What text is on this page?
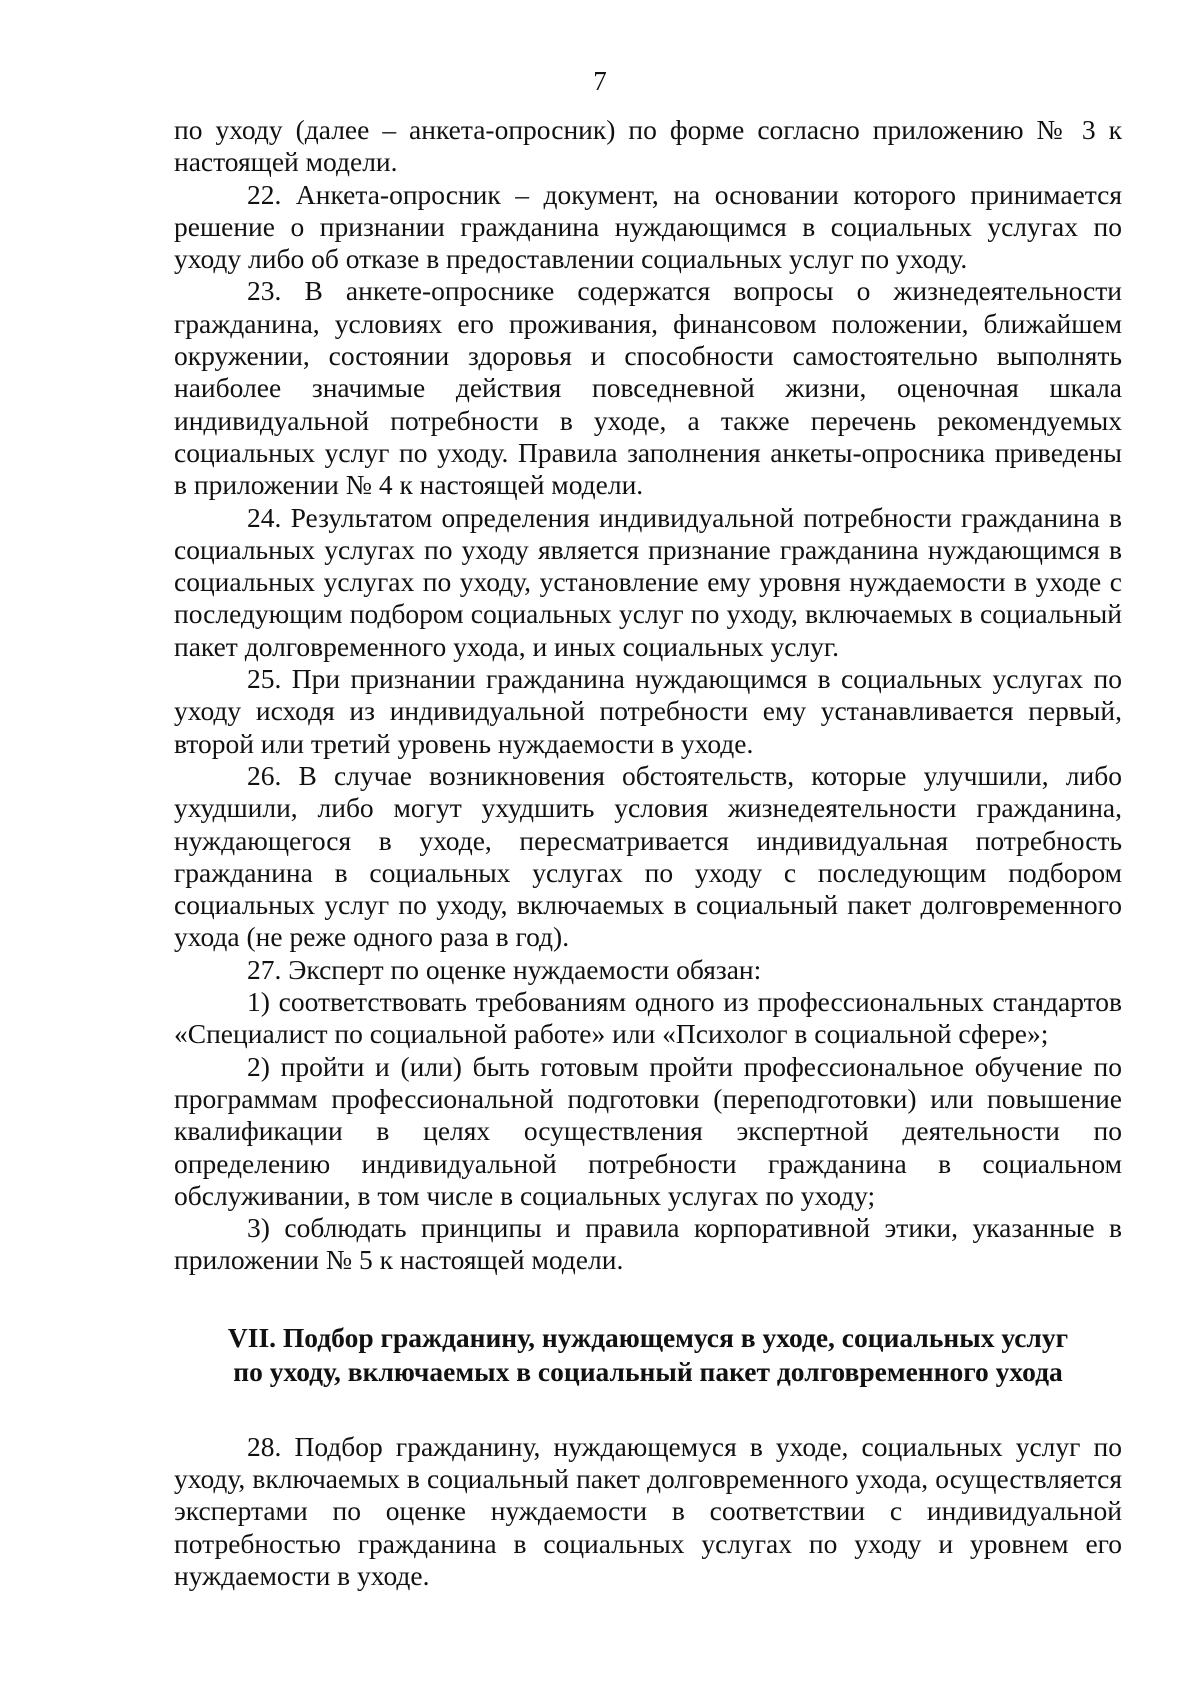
7

по уходу (далее – анкета-опросник) по форме согласно приложению № 3 к настоящей модели.

22. Анкета-опросник – документ, на основании которого принимается решение о признании гражданина нуждающимся в социальных услугах по уходу либо об отказе в предоставлении социальных услуг по уходу.

23. В анкете-опроснике содержатся вопросы о жизнедеятельности гражданина, условиях его проживания, финансовом положении, ближайшем окружении, состоянии здоровья и способности самостоятельно выполнять наиболее значимые действия повседневной жизни, оценочная шкала индивидуальной потребности в уходе, а также перечень рекомендуемых социальных услуг по уходу. Правила заполнения анкеты-опросника приведены в приложении № 4 к настоящей модели.

24. Результатом определения индивидуальной потребности гражданина в социальных услугах по уходу является признание гражданина нуждающимся в социальных услугах по уходу, установление ему уровня нуждаемости в уходе с последующим подбором социальных услуг по уходу, включаемых в социальный пакет долговременного ухода, и иных социальных услуг.

25. При признании гражданина нуждающимся в социальных услугах по уходу исходя из индивидуальной потребности ему устанавливается первый, второй или третий уровень нуждаемости в уходе.

26. В случае возникновения обстоятельств, которые улучшили, либо ухудшили, либо могут ухудшить условия жизнедеятельности гражданина, нуждающегося в уходе, пересматривается индивидуальная потребность гражданина в социальных услугах по уходу с последующим подбором социальных услуг по уходу, включаемых в социальный пакет долговременного ухода (не реже одного раза в год).

27. Эксперт по оценке нуждаемости обязан:

1) соответствовать требованиям одного из профессиональных стандартов «Специалист по социальной работе» или «Психолог в социальной сфере»;

2) пройти и (или) быть готовым пройти профессиональное обучение по программам профессиональной подготовки (переподготовки) или повышение квалификации в целях осуществления экспертной деятельности по определению индивидуальной потребности гражданина в социальном обслуживании, в том числе в социальных услугах по уходу;

3) соблюдать принципы и правила корпоративной этики, указанные в приложении № 5 к настоящей модели.

VII. Подбор гражданину, нуждающемуся в уходе, социальных услуг
по уходу, включаемых в социальный пакет долговременного ухода

28. Подбор гражданину, нуждающемуся в уходе, социальных услуг по уходу, включаемых в социальный пакет долговременного ухода, осуществляется экспертами по оценке нуждаемости в соответствии с индивидуальной потребностью гражданина в социальных услугах по уходу и уровнем его нуждаемости в уходе.
